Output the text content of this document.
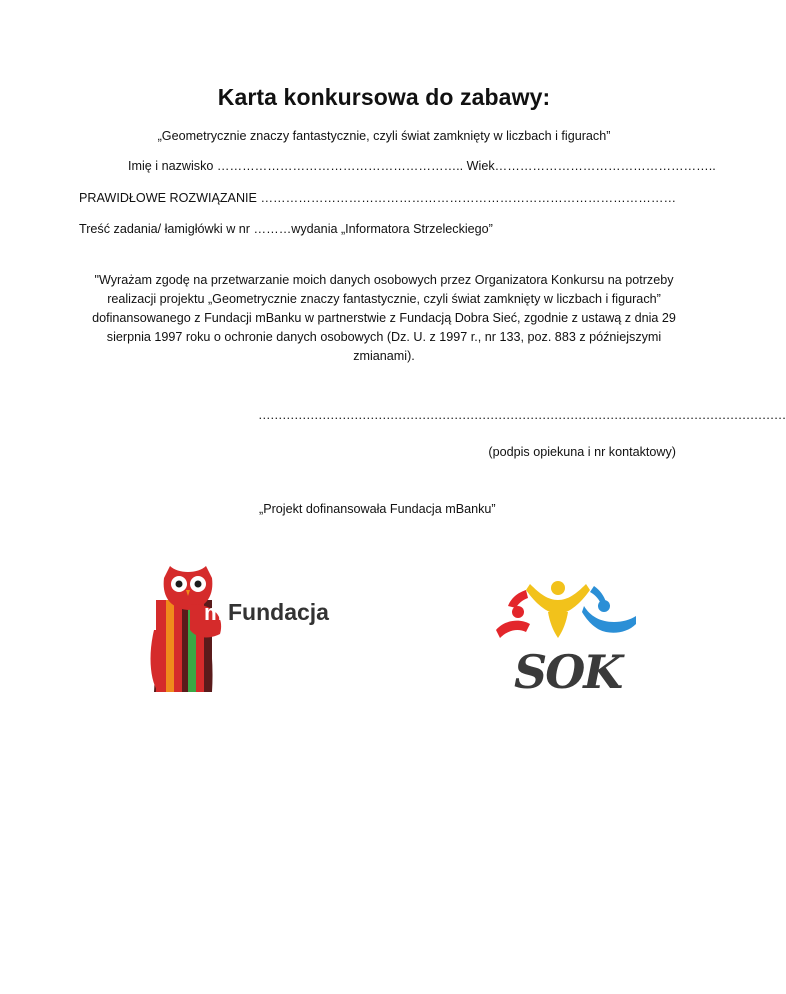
Karta konkursowa do zabawy:
„Geometrycznie znaczy fantastycznie, czyli świat zamknięty w liczbach i figurach”
Imię i nazwisko ………………………………………………….. Wiek……………………………………………..
PRAWIDŁOWE ROZWIĄZANIE ………………………………………………………………………………………
Treść zadania/ łamigłówki w nr ………wydania „Informatora Strzeleckiego”
"Wyrażam zgodę na przetwarzanie moich danych osobowych przez Organizatora Konkursu na potrzeby realizacji projektu „Geometrycznie znaczy fantastycznie, czyli świat zamknięty w liczbach i figurach” dofinansowanego z Fundacji mBanku w partnerstwie z Fundacją Dobra Sieć, zgodnie z ustawą z dnia 29 sierpnia 1997 roku o ochronie danych osobowych (Dz. U. z 1997 r., nr 133, poz. 883 z późniejszymi zmianami).
……………………………………………………………………………………………………………………
(podpis opiekuna i nr kontaktowy)
„Projekt dofinansowała Fundacja mBanku”
m Fundacja
SOK
